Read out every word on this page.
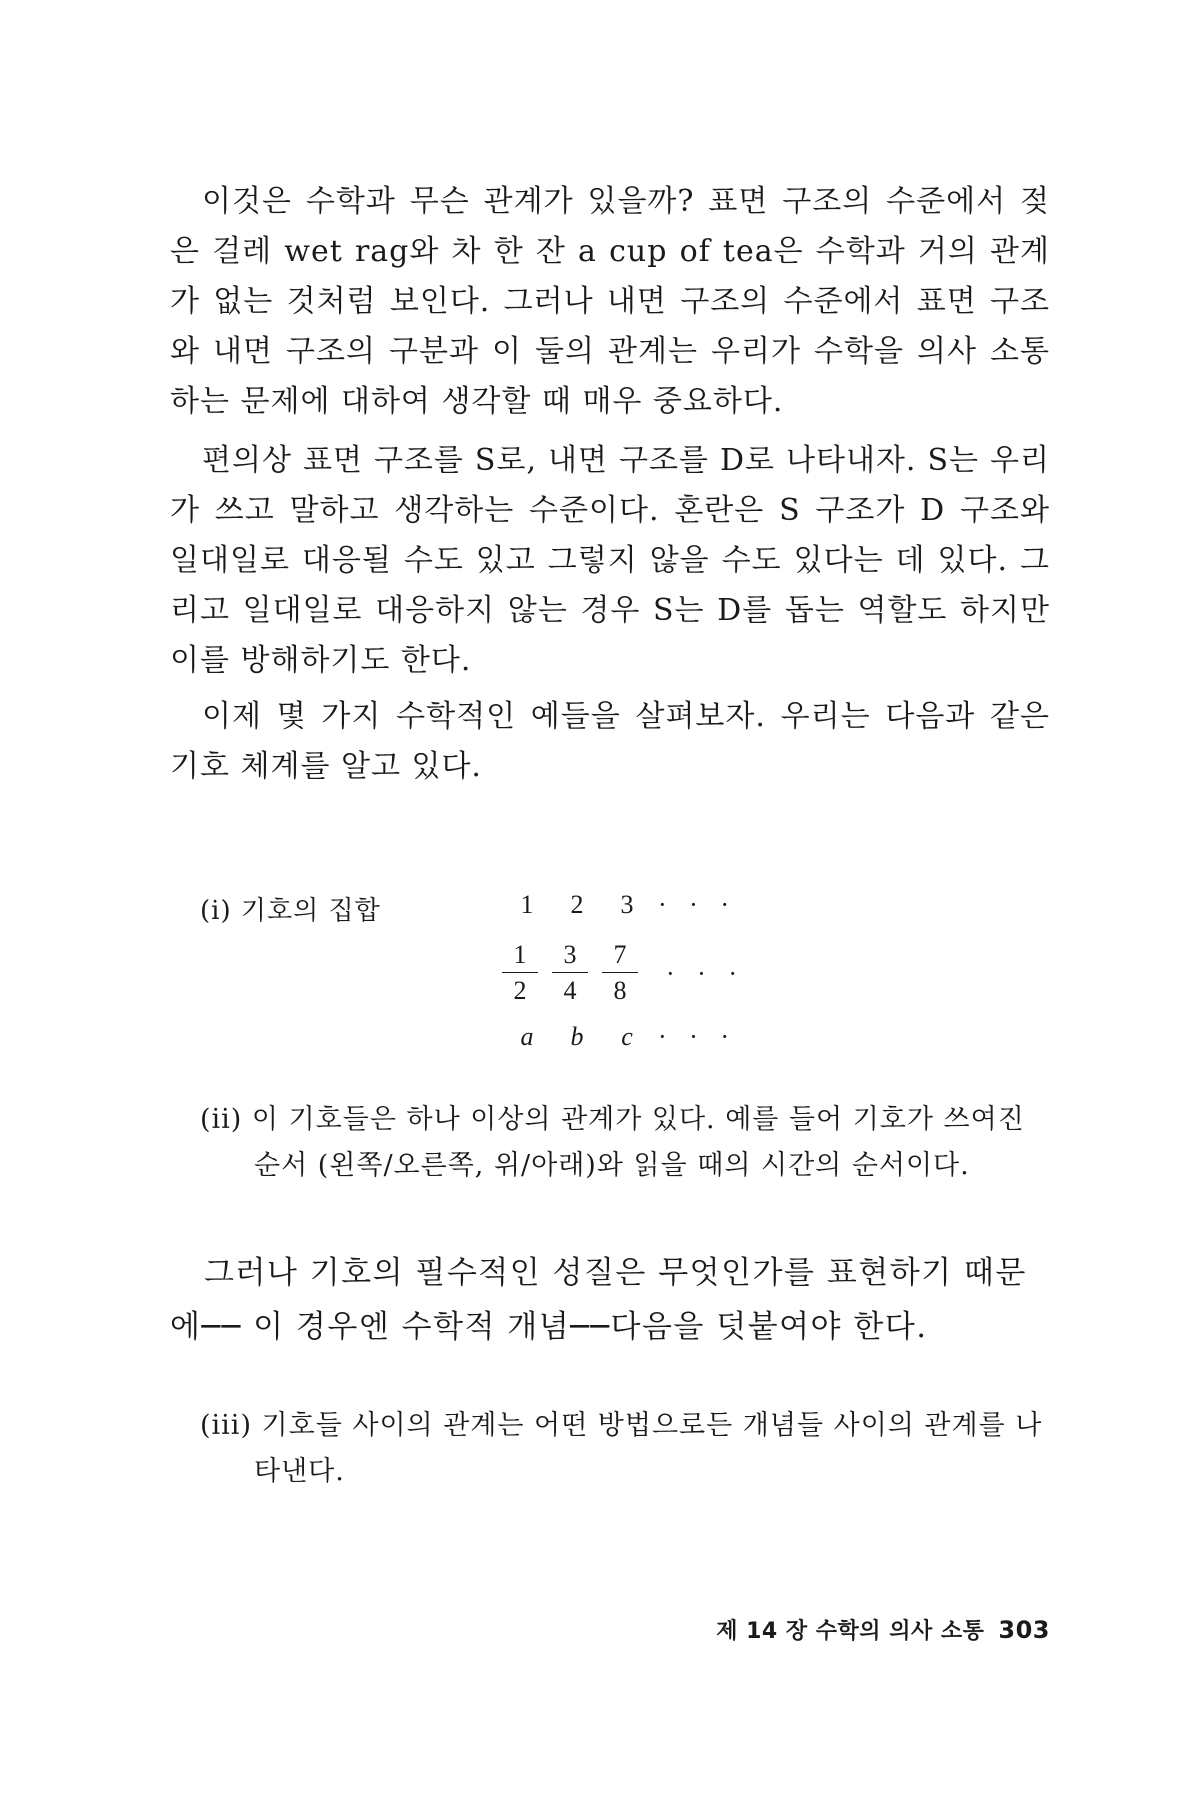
이것은 수학과 무슨 관계가 있을까? 표면 구조의 수준에서 젖은 걸레 wet rag와 차 한 잔 a cup of tea은 수학과 거의 관계가 없는 것처럼 보인다. 그러나 내면 구조의 수준에서 표면 구조와 내면 구조의 구분과 이 둘의 관계는 우리가 수학을 의사 소통하는 문제에 대하여 생각할 때 매우 중요하다.

편의상 표면 구조를 S로, 내면 구조를 D로 나타내자. S는 우리가 쓰고 말하고 생각하는 수준이다. 혼란은 S 구조가 D 구조와 일대일로 대응될 수도 있고 그렇지 않을 수도 있다는 데 있다. 그리고 일대일로 대응하지 않는 경우 S는 D를 돕는 역할도 하지만 이를 방해하기도 한다.

이제 몇 가지 수학적인 예들을 살펴보자. 우리는 다음과 같은 기호 체계를 알고 있다.

(i) 기호의 집합	1 2 3 · · ·
$\frac{1}{2} \frac{3}{4} \frac{7}{8}$ · · ·
a b c · · ·

(ii) 이 기호들은 하나 이상의 관계가 있다. 예를 들어 기호가 쓰여진
순서 (왼쪽/오른쪽, 위/아래)와 읽을 때의 시간의 순서이다.

그러나 기호의 필수적인 성질은 무엇인가를 표현하기 때문에── 이 경우엔 수학적 개념──다음을 덧붙여야 한다.

(iii) 기호들 사이의 관계는 어떤 방법으로든 개념들 사이의 관계를 나
타낸다.

제 14 장 수학의 의사 소통 303
